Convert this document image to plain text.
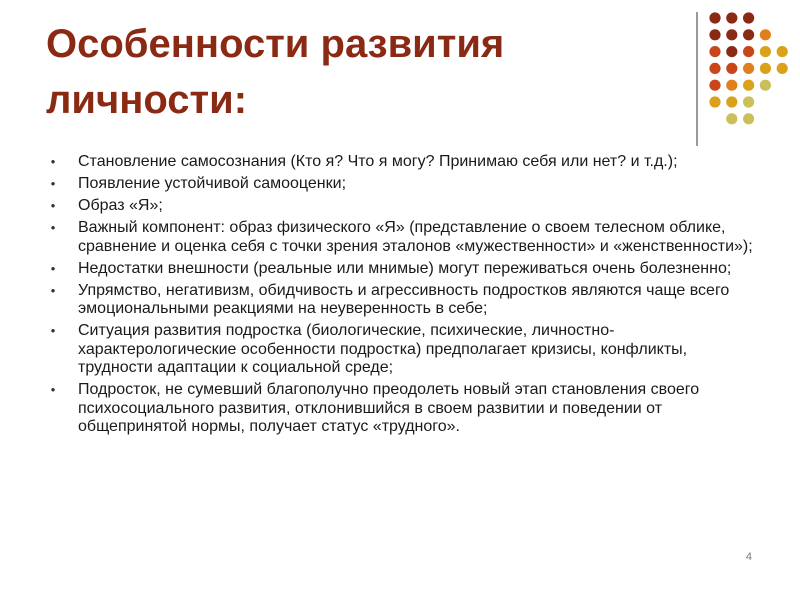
Особенности развития
личности:
• Становление самосознания (Кто я? Что я могу? Принимаю себя или нет? и т.д.);
• Появление устойчивой самооценки;
• Образ «Я»;
• Важный компонент: образ физического «Я» (представление о своем телесном облике, сравнение и оценка себя с точки зрения эталонов «мужественности» и «женственности»);
• Недостатки внешности (реальные или мнимые) могут переживаться очень болезненно;
• Упрямство, негативизм, обидчивость и агрессивность подростков являются чаще всего эмоциональными реакциями на неуверенность в себе;
• Ситуация развития подростка (биологические, психические, личностно-характерологические особенности подростка) предполагает кризисы, конфликты, трудности адаптации к социальной среде;
• Подросток, не сумевший благополучно преодолеть новый этап становления своего психосоциального развития, отклонившийся в своем развитии и поведении от общепринятой нормы, получает статус «трудного».
4
